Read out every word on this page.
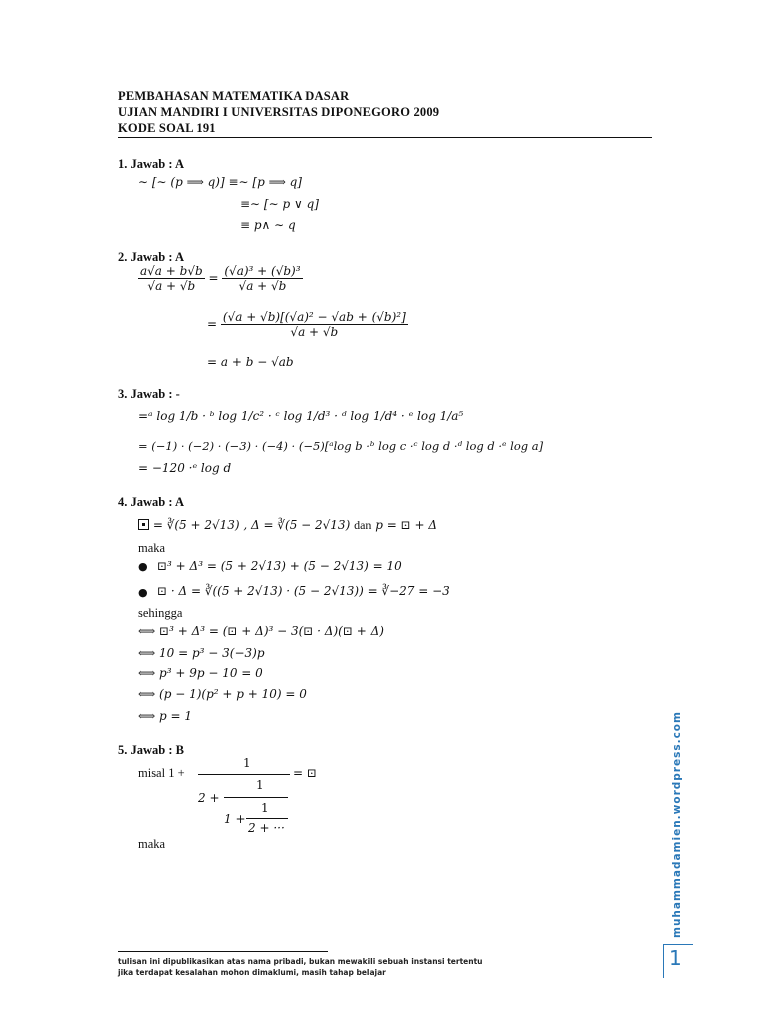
PEMBAHASAN MATEMATIKA DASAR
UJIAN MANDIRI I UNIVERSITAS DIPONEGORO 2009
KODE SOAL 191
1. Jawab : A
∼ [∼ (p ⟹ q)] ≡∼ [p ⟹ q]
≡∼ [∼ p ∨ q]
≡ p∧ ∼ q
2. Jawab : A
$\frac{a√a + b√b}{√a + √b} = \frac{\text{(√a)³ + (√b)³}}{√a + √b}$
= $\frac{\text{(√a + √b)[(√a)² − √ab + (√b)²]}}{√a + √b}$
= a + b − √ab
3. Jawab : -
=ᵃ log 1/b · ᵇ log 1/c² · ᶜ log 1/d³ · ᵈ log 1/d⁴ · ᵉ log 1/a⁵
= (−1) · (−2) · (−3) · (−4) · (−5)[ᵃlog b ·ᵇ log c ·ᶜ log d ·ᵈ log d ·ᵉ log a]
= −120 ·ᵉ log d
4. Jawab : A
= ∛(5 + 2√13) , Δ = ∛(5 − 2√13) dan p = ⊡ + Δ
maka
● ⊡³ + Δ³ = (5 + 2√13) + (5 − 2√13) = 10
● ⊡ · Δ = ∛((5 + 2√13) · (5 − 2√13)) = ∛−27 = −3
sehingga
⟺ ⊡³ + Δ³ = (⊡ + Δ)³ − 3(⊡ · Δ)(⊡ + Δ)
⟺ 10 = p³ − 3(−3)p
⟺ p³ + 9p − 10 = 0
⟺ (p − 1)(p² + p + 10) = 0
⟺ p = 1
5. Jawab : B
misal 1 +
1
= ⊡
2 +
1
1 +
1
2 + ···
maka	muhammadamien.wordpress.com
1
tulisan ini dipublikasikan atas nama pribadi, bukan mewakili sebuah instansi tertentu
jika terdapat kesalahan mohon dimaklumi, masih tahap belajar
